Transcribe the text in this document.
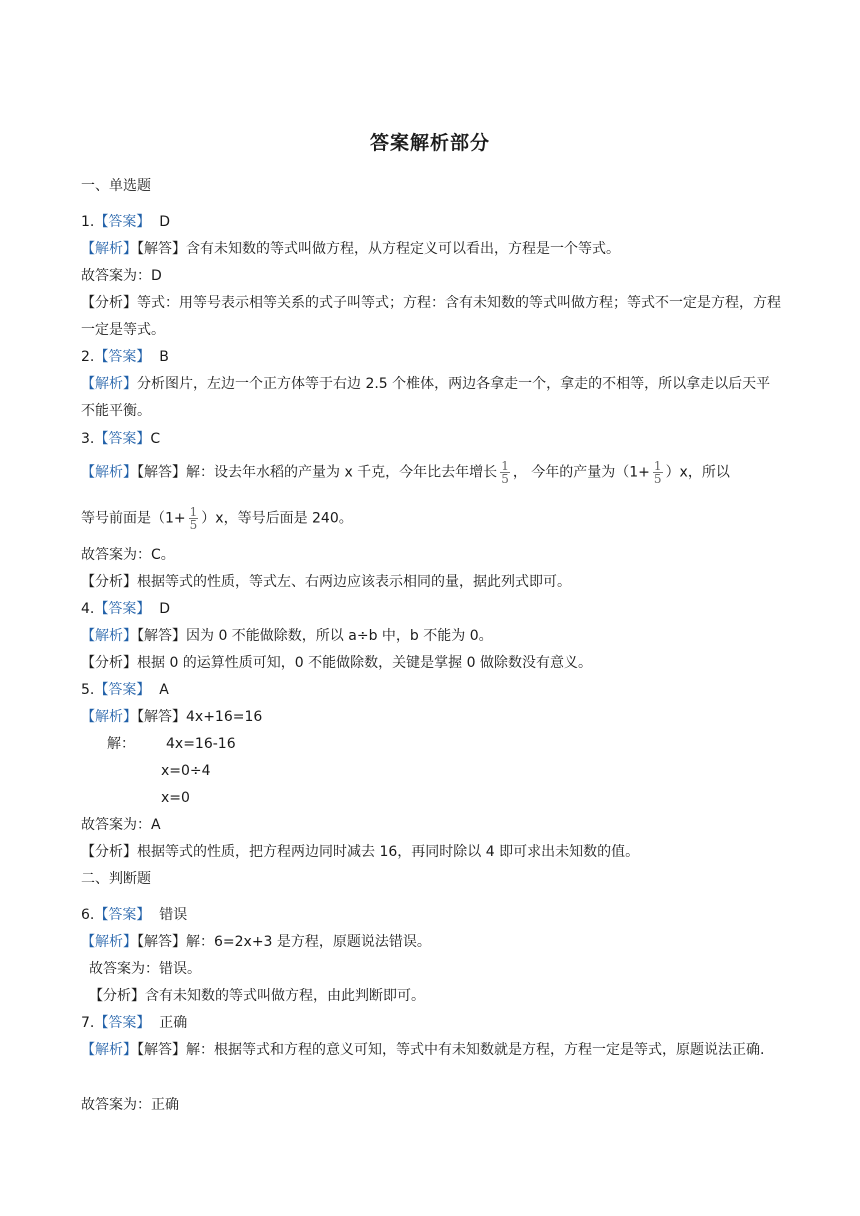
答案解析部分
一、单选题
1.【答案】 D
【解析】【解答】含有未知数的等式叫做方程，从方程定义可以看出，方程是一个等式。
故答案为：D
【分析】等式：用等号表示相等关系的式子叫等式；方程：含有未知数的等式叫做方程；等式不一定是方程，方程一定是等式。
2.【答案】 B
【解析】分析图片，左边一个正方体等于右边 2.5 个椎体，两边各拿走一个，拿走的不相等，所以拿走以后天平不能平衡。
3.【答案】C
【解析】【解答】解：设去年水稻的产量为 x 千克，今年比去年增长 $\frac{1}{5}$ ， 今年的产量为$(1+ \frac{1}{5} )x$，所以
等号前面是$(1+ \frac{1}{5} )x$，等号后面是 240。
故答案为：C。
【分析】根据等式的性质，等式左、右两边应该表示相同的量，据此列式即可。
4.【答案】 D
【解析】【解答】因为 0 不能做除数，所以 a÷b 中，b 不能为 0。
【分析】根据 0 的运算性质可知，0 不能做除数，关键是掌握 0 做除数没有意义。
5.【答案】 A
【解析】【解答】4x+16=16
解： 4x=16-16
x=0÷4
x=0
故答案为：A
【分析】根据等式的性质，把方程两边同时减去 16，再同时除以 4 即可求出未知数的值。
二、判断题
6.【答案】 错误
【解析】【解答】解：6=2x+3 是方程，原题说法错误。
故答案为：错误。
【分析】含有未知数的等式叫做方程，由此判断即可。
7.【答案】 正确
【解析】【解答】解：根据等式和方程的意义可知，等式中有未知数就是方程，方程一定是等式，原题说法正确.
故答案为：正确
